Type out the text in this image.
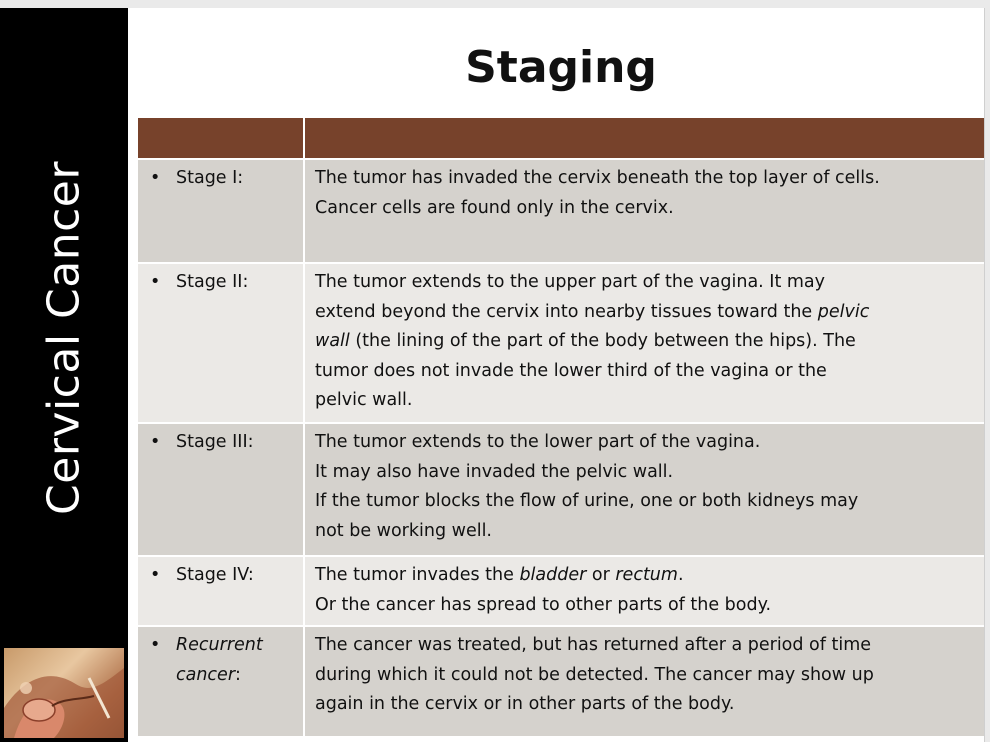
Cervical Cancer
Staging

• Stage I:	The tumor has invaded the cervix beneath the top layer of cells.
Cancer cells are found only in the cervix.

• Stage II:	The tumor extends to the upper part of the vagina. It may
extend beyond the cervix into nearby tissues toward the pelvic
wall (the lining of the part of the body between the hips). The
tumor does not invade the lower third of the vagina or the
pelvic wall.

• Stage III:	The tumor extends to the lower part of the vagina.
It may also have invaded the pelvic wall.
If the tumor blocks the flow of urine, one or both kidneys may
not be working well.

• Stage IV:	The tumor invades the bladder or rectum.
Or the cancer has spread to other parts of the body.

• Recurrent
cancer:	The cancer was treated, but has returned after a period of time
during which it could not be detected. The cancer may show up
again in the cervix or in other parts of the body.
